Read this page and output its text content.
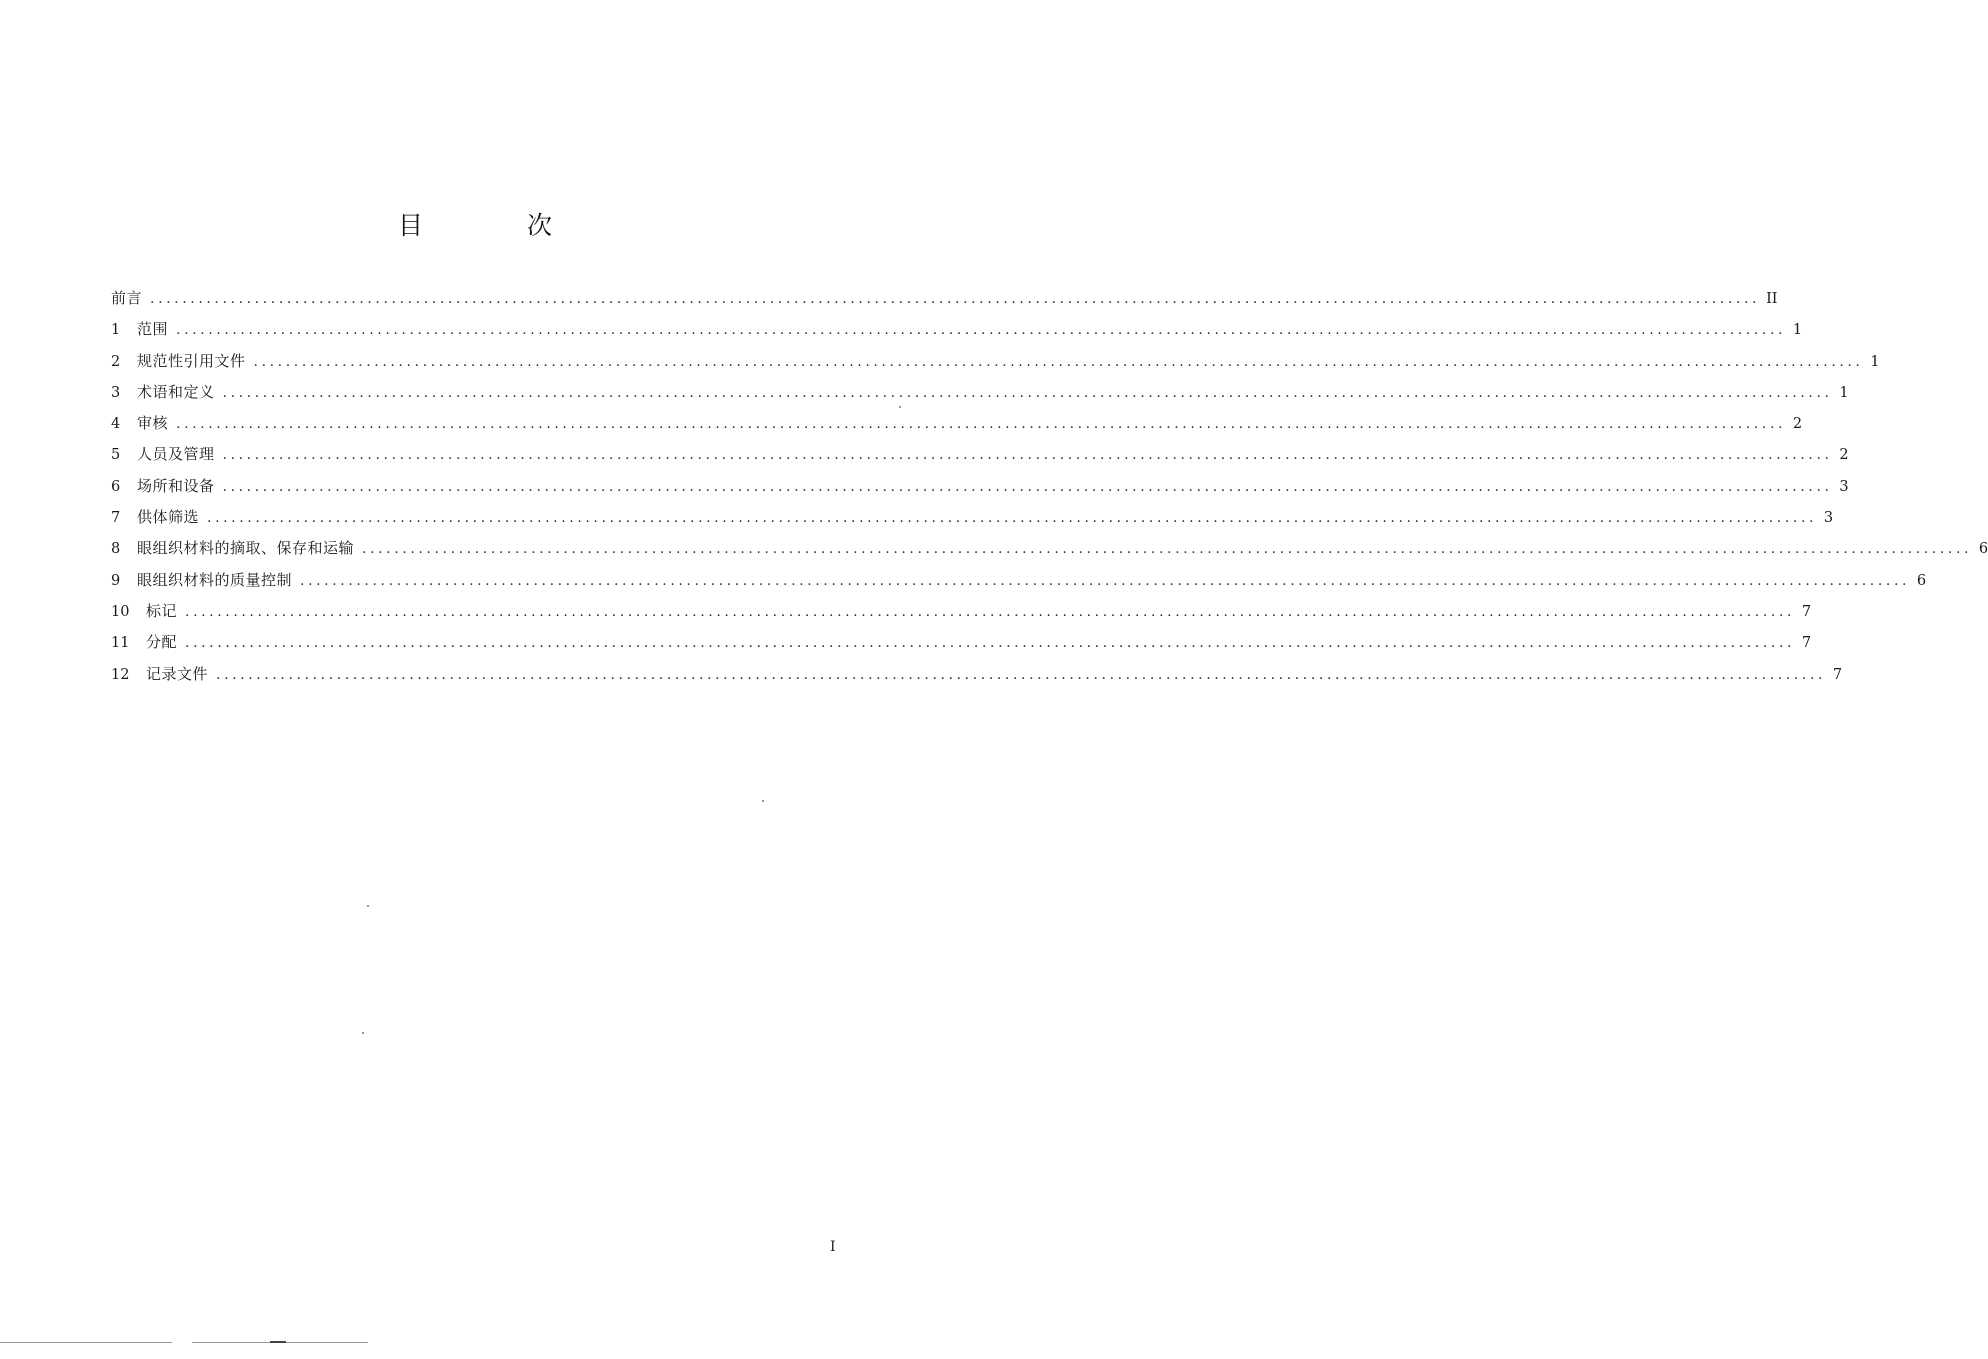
目 次
前言 ........................................................................................................................................................................................................ II
1	范围 ........................................................................................................................................................................................................ 1
2	规范性引用文件 ........................................................................................................................................................................................................ 1
3	术语和定义 ........................................................................................................................................................................................................ 1
4	审核 ........................................................................................................................................................................................................ 2
5	人员及管理 ........................................................................................................................................................................................................ 2
6	场所和设备 ........................................................................................................................................................................................................ 3
7	供体筛选 ........................................................................................................................................................................................................ 3
8	眼组织材料的摘取、保存和运输 ........................................................................................................................................................................................................ 6
9	眼组织材料的质量控制 ........................................................................................................................................................................................................ 6
10	标记 ........................................................................................................................................................................................................ 7
11	分配 ........................................................................................................................................................................................................ 7
12	记录文件 ........................................................................................................................................................................................................ 7
I
